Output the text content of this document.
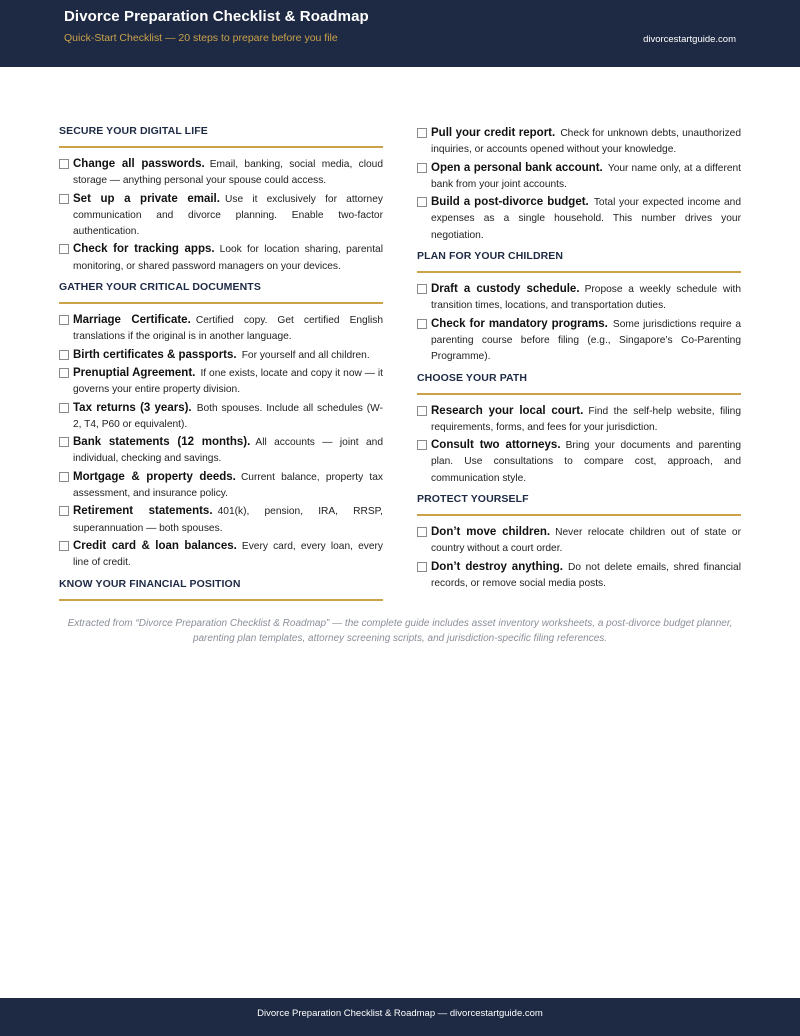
Divorce Preparation Checklist & Roadmap
Quick-Start Checklist — 20 steps to prepare before you file	divorcestartguide.com
SECURE YOUR DIGITAL LIFE
Change all passwords.  Email, banking, social media, cloud storage — anything personal your spouse could access.
Set up a private email.  Use it exclusively for attorney communication and divorce planning. Enable two-factor authentication.
Check for tracking apps.  Look for location sharing, parental monitoring, or shared password managers on your devices.
GATHER YOUR CRITICAL DOCUMENTS
Marriage Certificate.  Certified copy. Get certified English translations if the original is in another language.
Birth certificates & passports.  For yourself and all children.
Prenuptial Agreement.  If one exists, locate and copy it now — it governs your entire property division.
Tax returns (3 years).  Both spouses. Include all schedules (W-2, T4, P60 or equivalent).
Bank statements (12 months).  All accounts — joint and individual, checking and savings.
Mortgage & property deeds.  Current balance, property tax assessment, and insurance policy.
Retirement statements.  401(k), pension, IRA, RRSP, superannuation — both spouses.
Credit card & loan balances.  Every card, every loan, every line of credit.
KNOW YOUR FINANCIAL POSITION
Pull your credit report.  Check for unknown debts, unauthorized inquiries, or accounts opened without your knowledge.
Open a personal bank account.  Your name only, at a different bank from your joint accounts.
Build a post-divorce budget.  Total your expected income and expenses as a single household. This number drives your negotiation.
PLAN FOR YOUR CHILDREN
Draft a custody schedule.  Propose a weekly schedule with transition times, locations, and transportation duties.
Check for mandatory programs.  Some jurisdictions require a parenting course before filing (e.g., Singapore’s Co-Parenting Programme).
CHOOSE YOUR PATH
Research your local court.  Find the self-help website, filing requirements, forms, and fees for your jurisdiction.
Consult two attorneys.  Bring your documents and parenting plan. Use consultations to compare cost, approach, and communication style.
PROTECT YOURSELF
Don’t move children.  Never relocate children out of state or country without a court order.
Don’t destroy anything.  Do not delete emails, shred financial records, or remove social media posts.
Extracted from “Divorce Preparation Checklist & Roadmap” — the complete guide includes asset inventory worksheets, a post-divorce budget planner, parenting plan templates, attorney screening scripts, and jurisdiction-specific filing references.
Divorce Preparation Checklist & Roadmap — divorcestartguide.com
